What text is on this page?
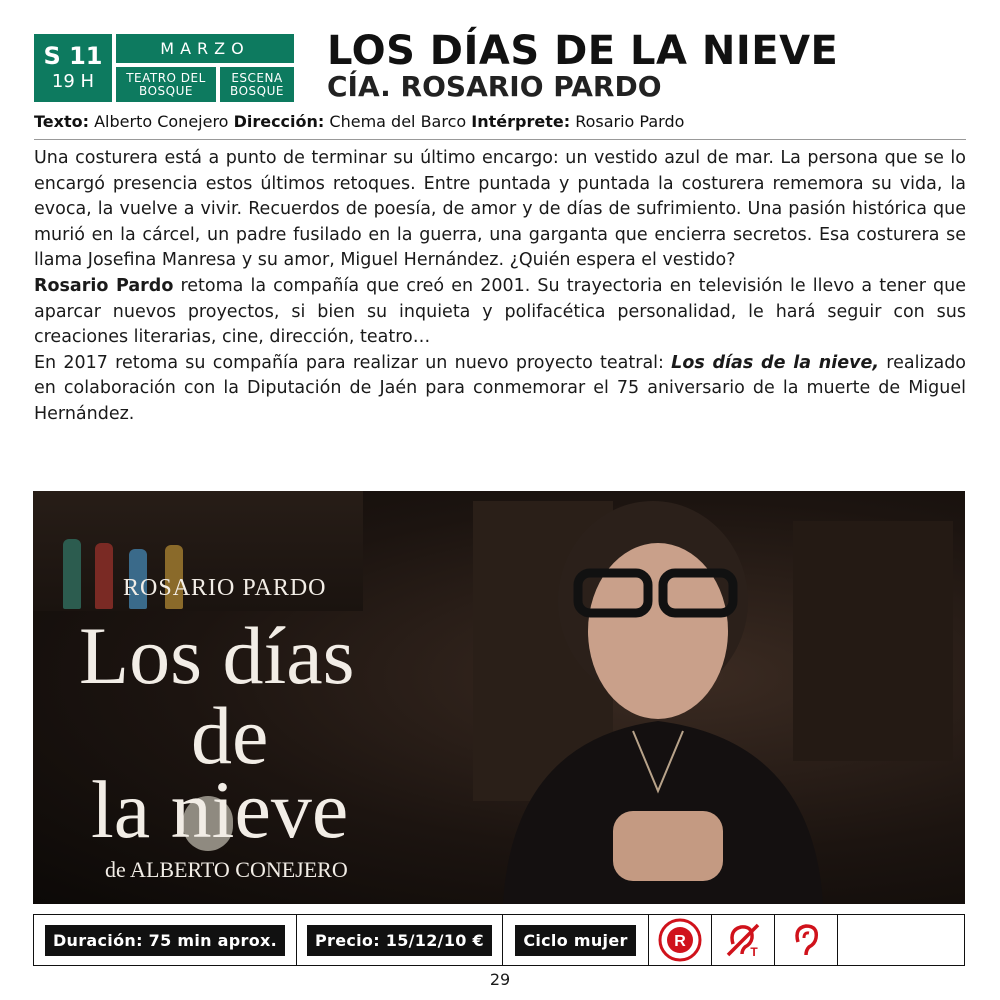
S 11
19 H
MARZO
TEATRO DEL BOSQUE
ESCENA BOSQUE
LOS DÍAS DE LA NIEVE
CÍA. ROSARIO PARDO
Texto: Alberto Conejero Dirección: Chema del Barco Intérprete: Rosario Pardo

Una costurera está a punto de terminar su último encargo: un vestido azul de mar. La persona que se lo encargó presencia estos últimos retoques. Entre puntada y puntada la costurera rememora su vida, la evoca, la vuelve a vivir. Recuerdos de poesía, de amor y de días de sufrimiento. Una pasión histórica que murió en la cárcel, un padre fusilado en la guerra, una garganta que encierra secretos. Esa costurera se llama Josefina Manresa y su amor, Miguel Hernández. ¿Quién espera el vestido?

Rosario Pardo retoma la compañía que creó en 2001. Su trayectoria en televisión le llevo a tener que aparcar nuevos proyectos, si bien su inquieta y polifacética personalidad, le hará seguir con sus creaciones literarias, cine, dirección, teatro…

En 2017 retoma su compañía para realizar un nuevo proyecto teatral: Los días de la nieve, realizado en colaboración con la Diputación de Jaén para conmemorar el 75 aniversario de la muerte de Miguel Hernández.

ROSARIO PARDO
Los días
de
la nieve
de ALBERTO CONEJERO
Duración: 75 min aprox.	Precio: 15/12/10 €	Ciclo mujer	R
T
29
